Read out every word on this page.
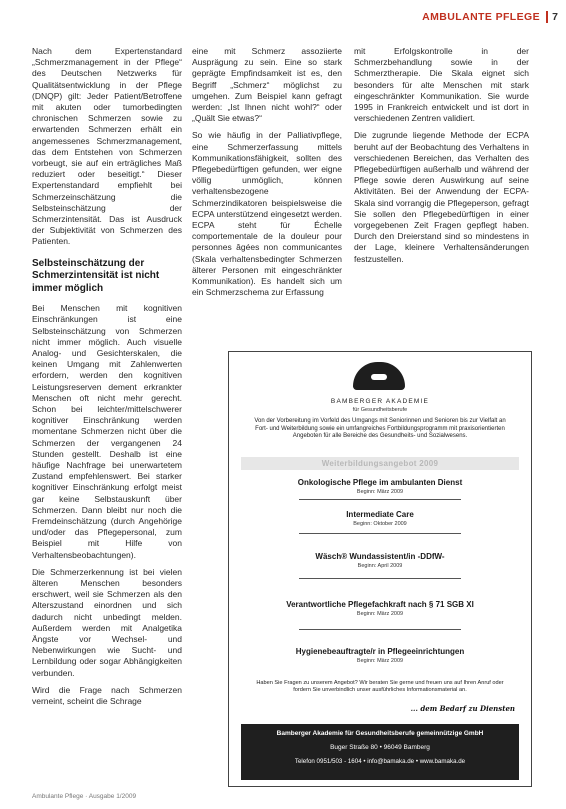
AMBULANTE PFLEGE	7

Nach dem Expertenstandard „Schmerzmanagement in der Pflege“ des Deutschen Netzwerks für Qualitätsentwicklung in der Pflege (DNQP) gilt: Jeder Patient/Betroffene mit akuten oder tumorbedingten chronischen Schmerzen sowie zu erwartenden Schmerzen erhält ein angemessenes Schmerzmanagement, das dem Entstehen von Schmerzen vorbeugt, sie auf ein erträgliches Maß reduziert oder beseitigt.“ Dieser Expertenstandard empfiehlt bei Schmerzeinschätzung die Selbsteinschätzung der Schmerzintensität. Das ist Ausdruck der Subjektivität von Schmerzen des Patienten.

Selbsteinschätzung der Schmerzintensität ist nicht immer möglich

Bei Menschen mit kognitiven Einschränkungen ist eine Selbsteinschätzung von Schmerzen nicht immer möglich. Auch visuelle Analog- und Gesichterskalen, die keinen Umgang mit Zahlenwerten erfordern, werden den kognitiven Leistungsreserven dement erkrankter Menschen oft nicht mehr gerecht. Schon bei leichter/mittelschwerer kognitiver Einschränkung werden momentane Schmerzen nicht über die Schmerzen der vergangenen 24 Stunden gestellt. Deshalb ist eine häufige Nachfrage bei unerwartetem Zustand empfehlenswert. Bei starker kognitiver Einschränkung erfolgt meist gar keine Selbstauskunft über Schmerzen. Dann bleibt nur noch die Fremdeinschätzung (durch Angehörige und/oder das Pflegepersonal, zum Beispiel mit Hilfe von Verhaltensbeobachtungen).

Die Schmerzerkennung ist bei vielen älteren Menschen besonders erschwert, weil sie Schmerzen als den Alterszustand einordnen und sich dadurch nicht unbedingt melden. Außerdem werden mit Analgetika Ängste vor Wechsel- und Nebenwirkungen wie Sucht- und Lernbildung oder sogar Abhängigkeiten verbunden.

Wird die Frage nach Schmerzen verneint, scheint die Schrage

eine mit Schmerz assoziierte Ausprägung zu sein. Eine so stark geprägte Empfindsamkeit ist es, den Begriff „Schmerz“ möglichst zu umgehen. Zum Beispiel kann gefragt werden: „Ist Ihnen nicht wohl?“ oder „Quält Sie etwas?“

So wie häufig in der Palliativpflege, eine Schmerzerfassung mittels Kommunikationsfähigkeit, sollten des Pflegebedürftigen gefunden, wer eigne völlig unmöglich, können verhaltensbezogene Schmerzindikatoren beispielsweise die ECPA unterstützend eingesetzt werden. ECPA steht für Échelle comportementale de la douleur pour personnes âgées non communicantes (Skala verhaltensbedingter Schmerzen älterer Personen mit eingeschränkter Kommunikation). Es handelt sich um ein Schmerzschema zur Erfassung

mit Erfolgskontrolle in der Schmerzbehandlung sowie in der Schmerztherapie. Die Skala eignet sich besonders für alte Menschen mit stark eingeschränkter Kommunikation. Sie wurde 1995 in Frankreich entwickelt und ist dort in verschiedenen Zentren validiert.

Die zugrunde liegende Methode der ECPA beruht auf der Beobachtung des Verhaltens in verschiedenen Bereichen, das Verhalten des Pflegebedürftigen außerhalb und während der Pflege sowie deren Auswirkung auf seine Aktivitäten. Bei der Anwendung der ECPA-Skala sind vorrangig die Pflegeperson, gefragt Sie sollen den Pflegebedürftigen in einer vorgegebenen Zeit Fragen gepflegt haben. Durch den Dreierstand sind so mindestens in der Lage, kleinere Verhaltensänderungen festzustellen.

BAMBERGER AKADEMIE
für Gesundheitsberufe
Von der Vorbereitung im Vorfeld des Umgangs mit Seniorinnen und Senioren bis zur Vielfalt an Fort- und Weiterbildung sowie ein umfangreiches Fortbildungsprogramm mit praxisorientierten Angeboten für alle Bereiche des Gesundheits- und Sozialwesens.
Weiterbildungsangebot 2009
Onkologische Pflege im ambulanten Dienst
Beginn: März 2009
Intermediate Care
Beginn: Oktober 2009
Wäsch® Wundassistent/in -DDfW-
Beginn: April 2009
Verantwortliche Pflegefachkraft nach § 71 SGB XI
Beginn: März 2009
Hygienebeauftragte/r in Pflegeeinrichtungen
Beginn: März 2009
Haben Sie Fragen zu unserem Angebot? Wir beraten Sie gerne und freuen uns auf Ihren Anruf oder fordern Sie unverbindlich unser ausführliches Informationsmaterial an.
... dem Bedarf zu Diensten
Bamberger Akademie für Gesundheitsberufe gemeinnützige GmbH
Buger Straße 80 • 96049 Bamberg
Telefon 0951/503 - 1604 • info@bamaka.de • www.bamaka.de
Ambulante Pflege · Ausgabe 1/2009
